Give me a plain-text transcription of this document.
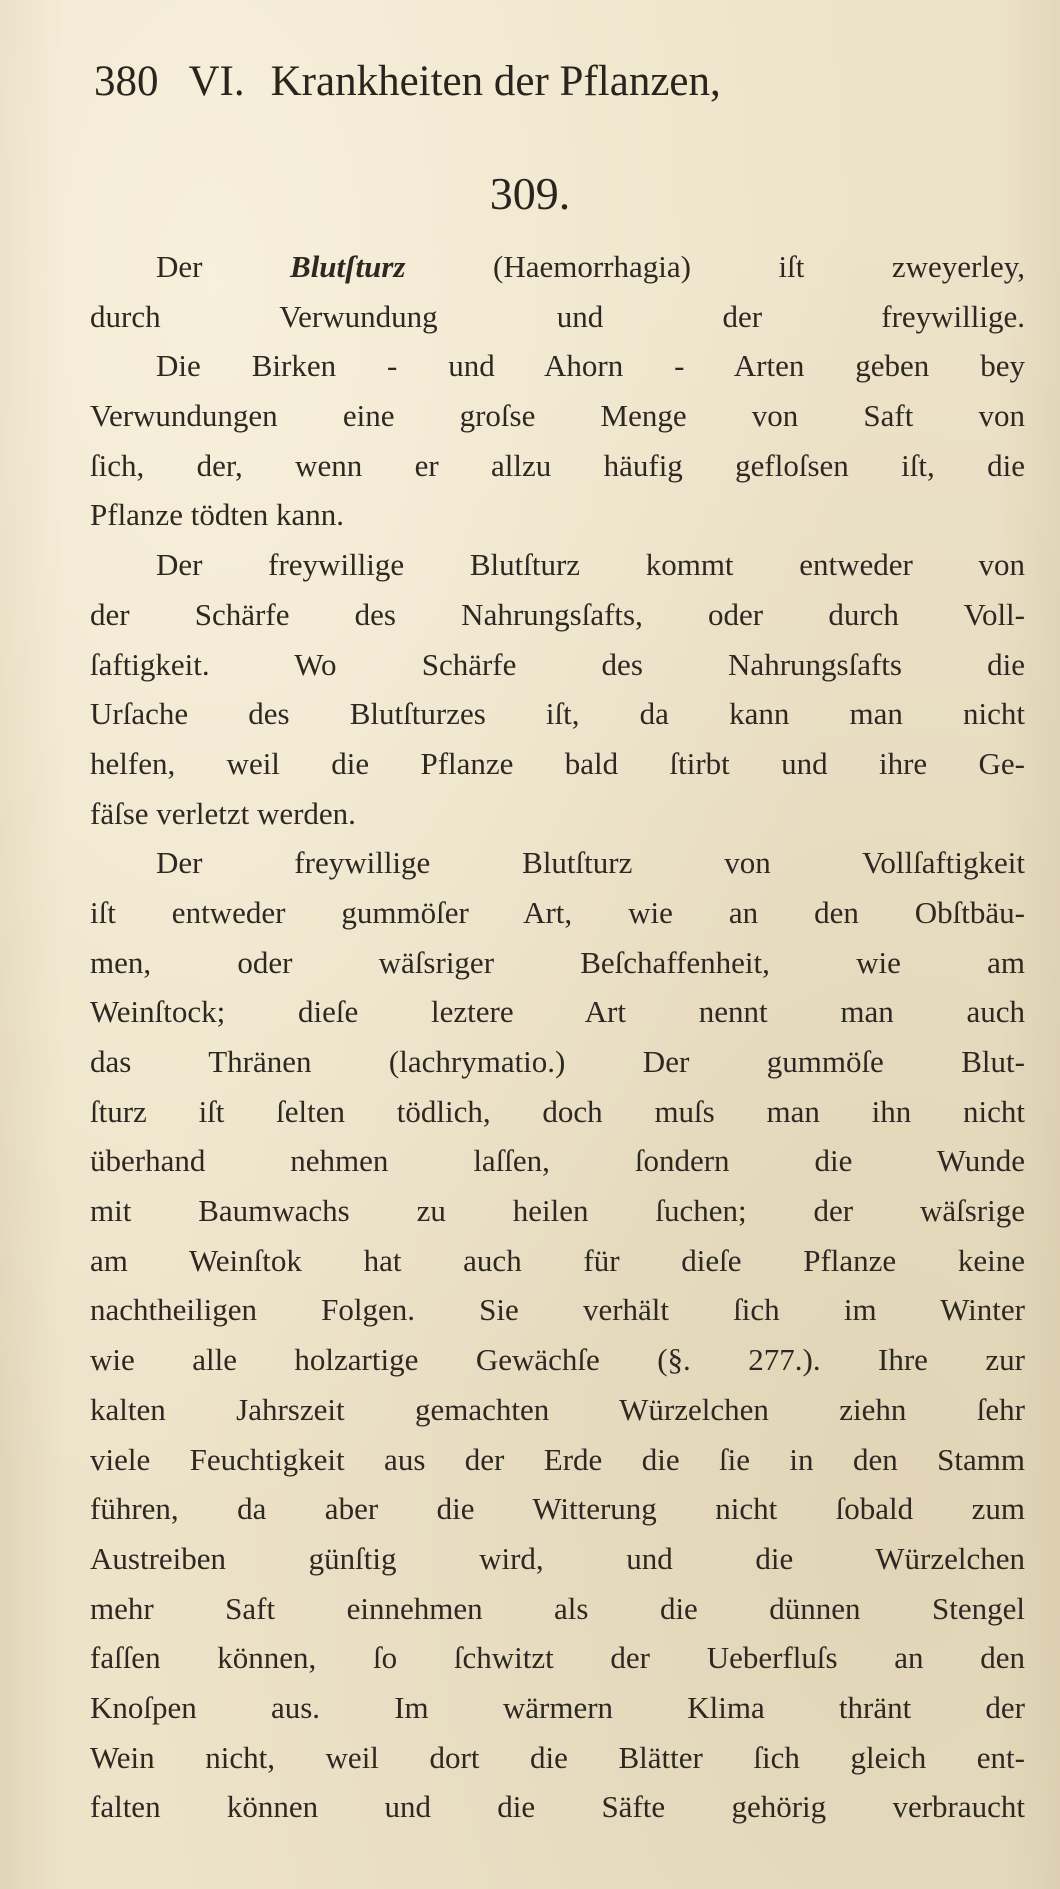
380 VI. Krankheiten der Pflanzen,
309.
Der Blutſturz (Haemorrhagia) iſt zweyerley,
durch Verwundung und der freywillige.
Die Birken - und Ahorn - Arten geben bey
Verwundungen eine groſse Menge von Saft von
ſich, der, wenn er allzu häufig gefloſsen iſt, die
Pflanze tödten kann.
Der freywillige Blutſturz kommt entweder von
der Schärfe des Nahrungsſafts, oder durch Voll-
ſaftigkeit. Wo Schärfe des Nahrungsſafts die
Urſache des Blutſturzes iſt, da kann man nicht
helfen, weil die Pflanze bald ſtirbt und ihre Ge-
fäſse verletzt werden.
Der freywillige Blutſturz von Vollſaftigkeit
iſt entweder gummöſer Art, wie an den Obſtbäu-
men, oder wäſsriger Beſchaffenheit, wie am
Weinſtock; dieſe leztere Art nennt man auch
das Thränen (lachrymatio.) Der gummöſe Blut-
ſturz iſt ſelten tödlich, doch muſs man ihn nicht
überhand nehmen laſſen, ſondern die Wunde
mit Baumwachs zu heilen ſuchen; der wäſsrige
am Weinſtok hat auch für dieſe Pflanze keine
nachtheiligen Folgen. Sie verhält ſich im Winter
wie alle holzartige Gewächſe (§. 277.). Ihre zur
kalten Jahrszeit gemachten Würzelchen ziehn ſehr
viele Feuchtigkeit aus der Erde die ſie in den Stamm
führen, da aber die Witterung nicht ſobald zum
Austreiben günſtig wird, und die Würzelchen
mehr Saft einnehmen als die dünnen Stengel
faſſen können, ſo ſchwitzt der Ueberfluſs an den
Knoſpen aus. Im wärmern Klima thränt der
Wein nicht, weil dort die Blätter ſich gleich ent-
falten können und die Säfte gehörig verbraucht
